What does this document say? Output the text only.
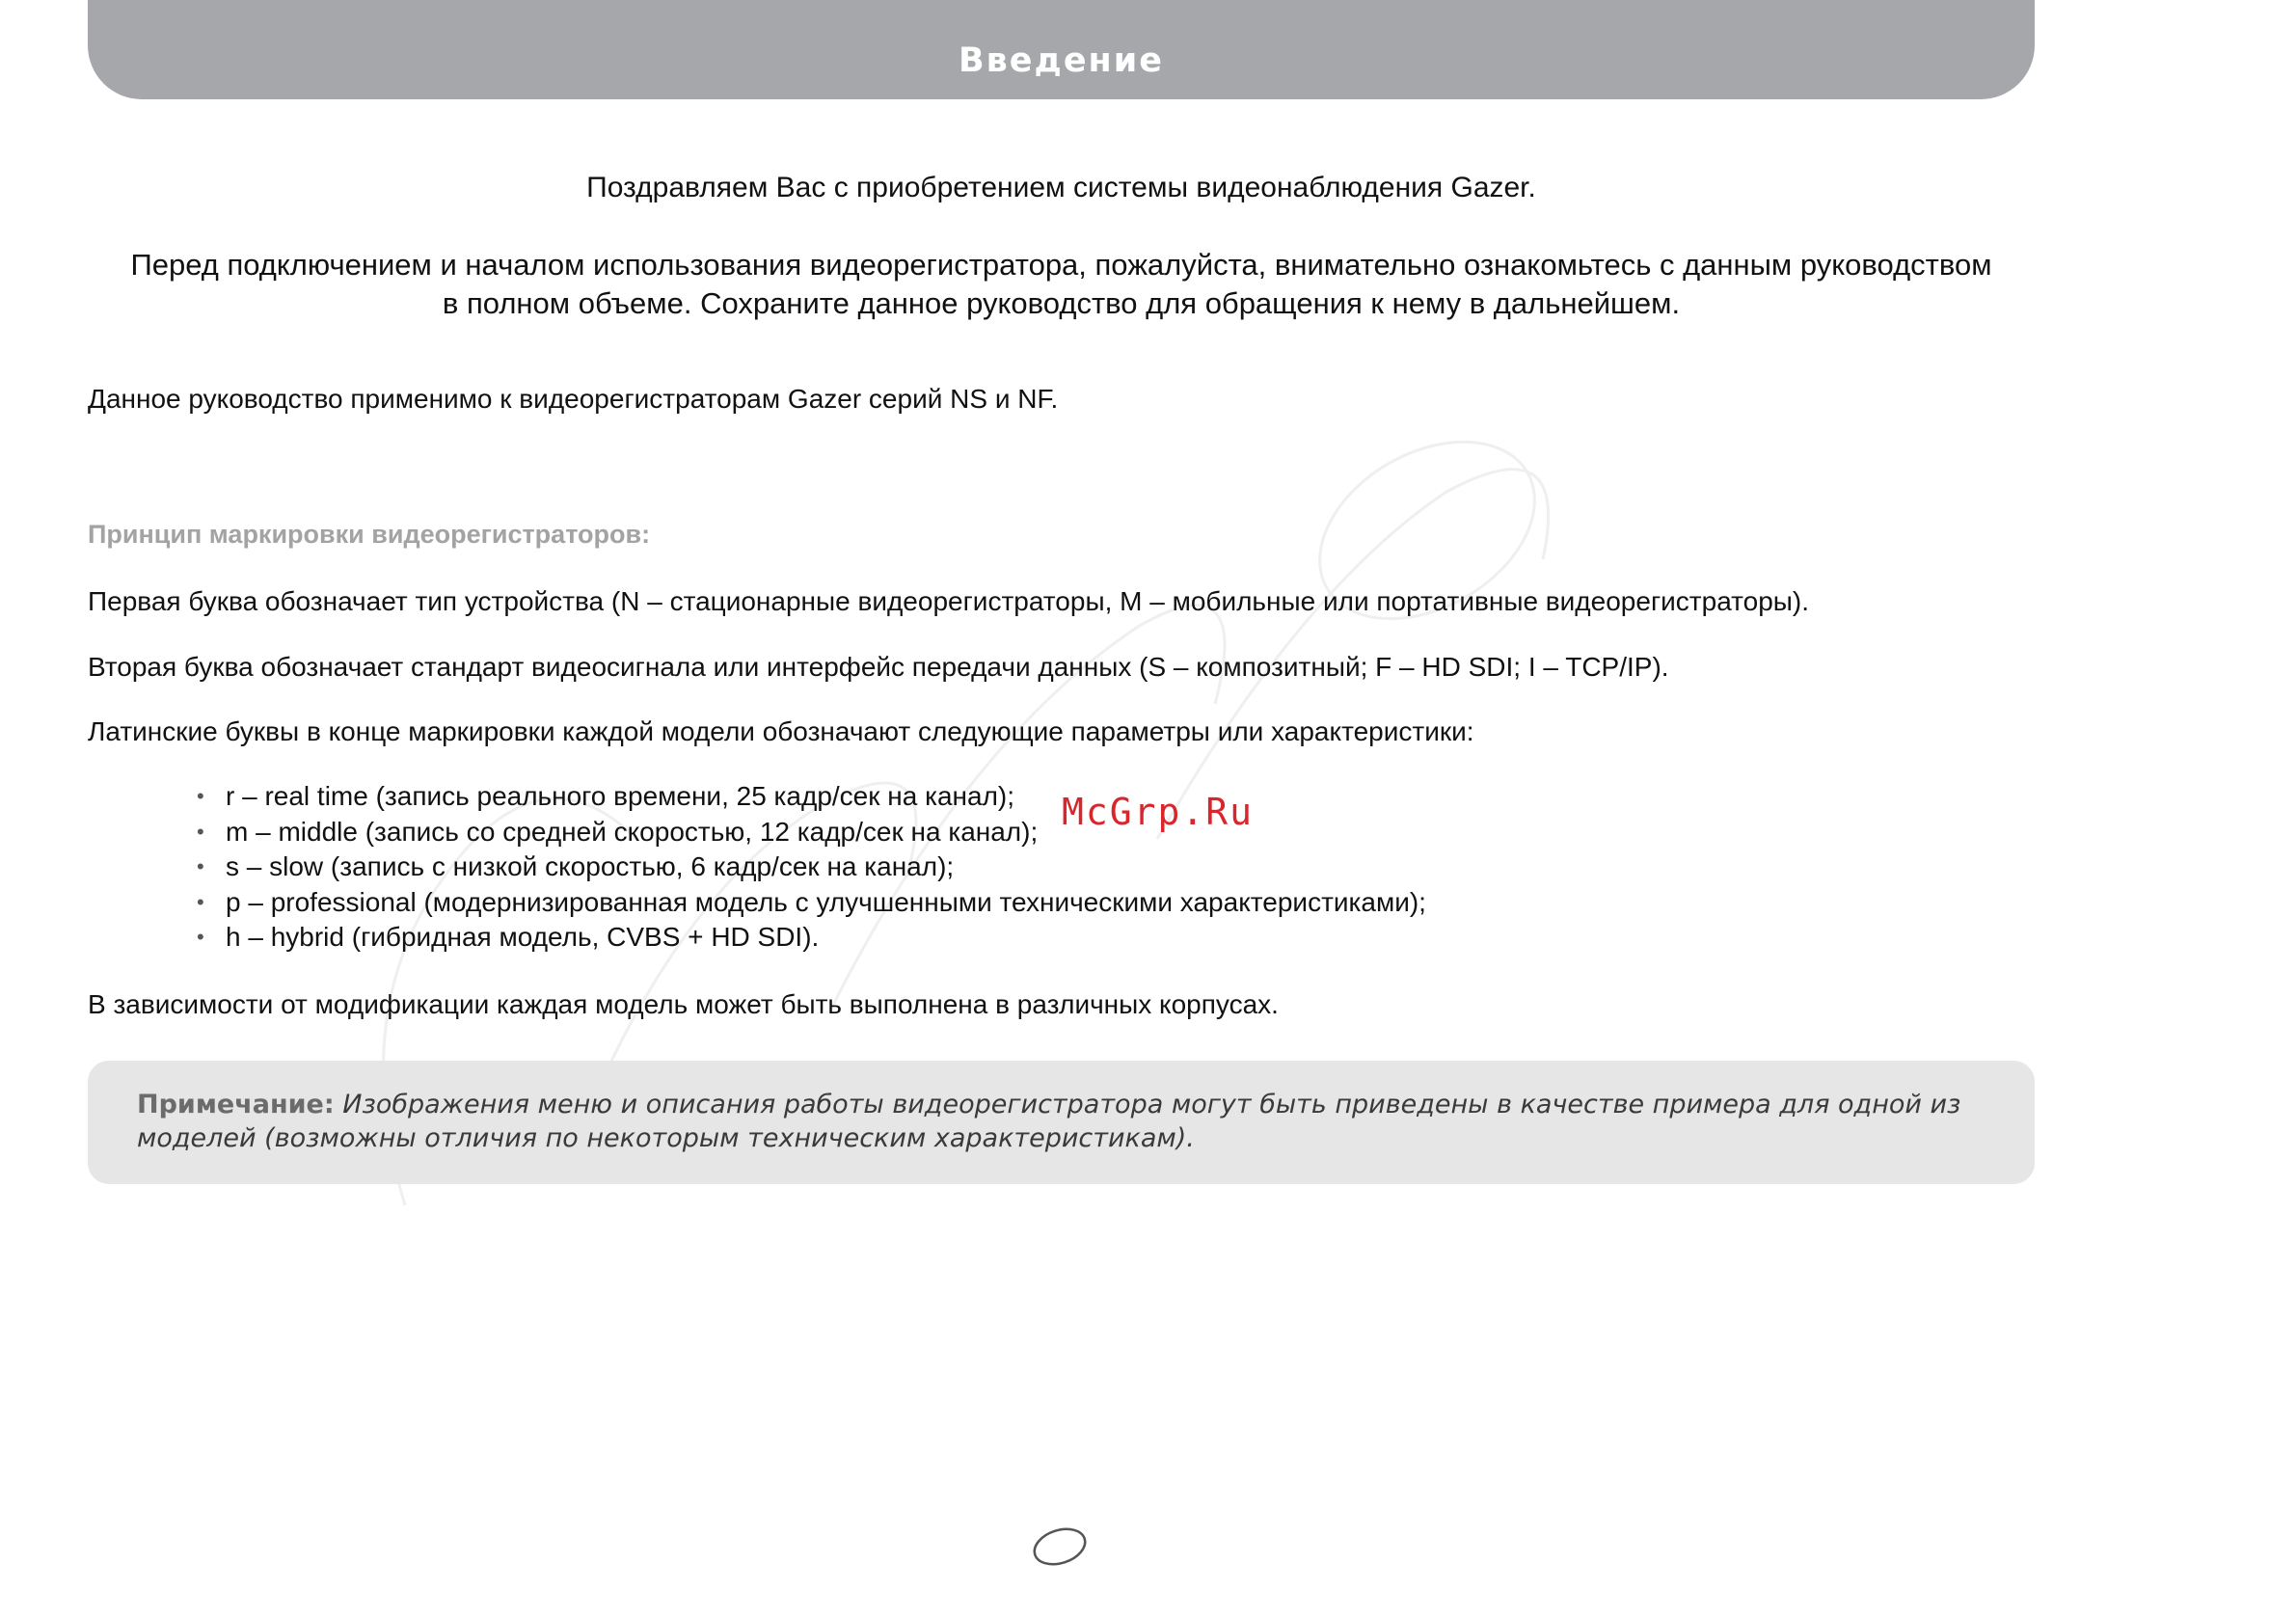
Введение
Поздравляем Вас с приобретением системы видеонаблюдения Gazer.
Перед подключением и началом использования видеорегистратора, пожалуйста, внимательно ознакомьтесь с данным руководством
в полном объеме. Сохраните данное руководство для обращения к нему в дальнейшем.
Данное руководство применимо к видеорегистраторам Gazer серий NS и NF.
Принцип маркировки видеорегистраторов:
Первая буква обозначает тип устройства (N – стационарные видеорегистраторы, M – мобильные или портативные видеорегистраторы).
Вторая буква обозначает стандарт видеосигнала или интерфейс передачи данных (S – композитный; F – HD SDI; I – TCP/IP).
Латинские буквы в конце маркировки каждой модели обозначают следующие параметры или характеристики:
• r – real time (запись реального времени, 25 кадр/сек на канал);
• m – middle (запись со средней скоростью, 12 кадр/сек на канал);
• s – slow (запись с низкой скоростью, 6 кадр/сек на канал);
• p – professional (модернизированная модель с улучшенными техническими характеристиками);
• h – hybrid (гибридная модель, CVBS + HD SDI).
McGrp.Ru
В зависимости от модификации каждая модель может быть выполнена в различных корпусах.
Примечание: Изображения меню и описания работы видеорегистратора могут быть приведены в качестве примера для одной из моделей (возможны отличия по некоторым техническим характеристикам).
